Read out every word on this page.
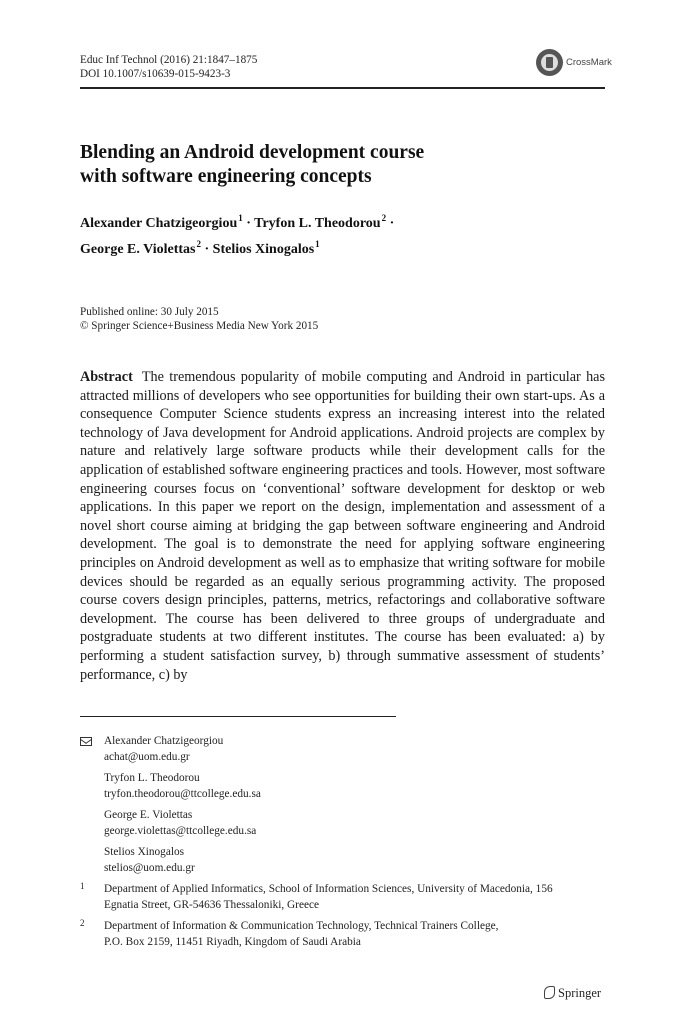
Educ Inf Technol (2016) 21:1847–1875
DOI 10.1007/s10639-015-9423-3
CrossMark
Blending an Android development course
with software engineering concepts
Alexander Chatzigeorgiou$^1$ · Tryfon L. Theodorou$^2$ ·
George E. Violettas$^2$ · Stelios Xinogalos$^1$
Published online: 30 July 2015
© Springer Science+Business Media New York 2015
Abstract The tremendous popularity of mobile computing and Android in particular has attracted millions of developers who see opportunities for building their own start-ups. As a consequence Computer Science students express an increasing interest into the related technology of Java development for Android applications. Android projects are complex by nature and relatively large software products while their development calls for the application of established software engineering practices and tools. However, most software engineering courses focus on ‘conventional’ software development for desktop or web applications. In this paper we report on the design, implementation and assessment of a novel short course aiming at bridging the gap between software engineering and Android development. The goal is to demonstrate the need for applying software engineering principles on Android development as well as to emphasize that writing software for mobile devices should be regarded as an equally serious programming activity. The proposed course covers design principles, patterns, metrics, refactorings and collaborative software development. The course has been delivered to three groups of undergraduate and postgraduate students at two different institutes. The course has been evaluated: a) by performing a student satisfaction survey, b) through summative assessment of students’ performance, c) by
Alexander Chatzigeorgiou
achat@uom.edu.gr
Tryfon L. Theodorou
tryfon.theodorou@ttcollege.edu.sa
George E. Violettas
george.violettas@ttcollege.edu.sa
Stelios Xinogalos
stelios@uom.edu.gr
1 Department of Applied Informatics, School of Information Sciences, University of Macedonia, 156
Egnatia Street, GR-54636 Thessaloniki, Greece
2 Department of Information & Communication Technology, Technical Trainers College,
P.O. Box 2159, 11451 Riyadh, Kingdom of Saudi Arabia
Springer
